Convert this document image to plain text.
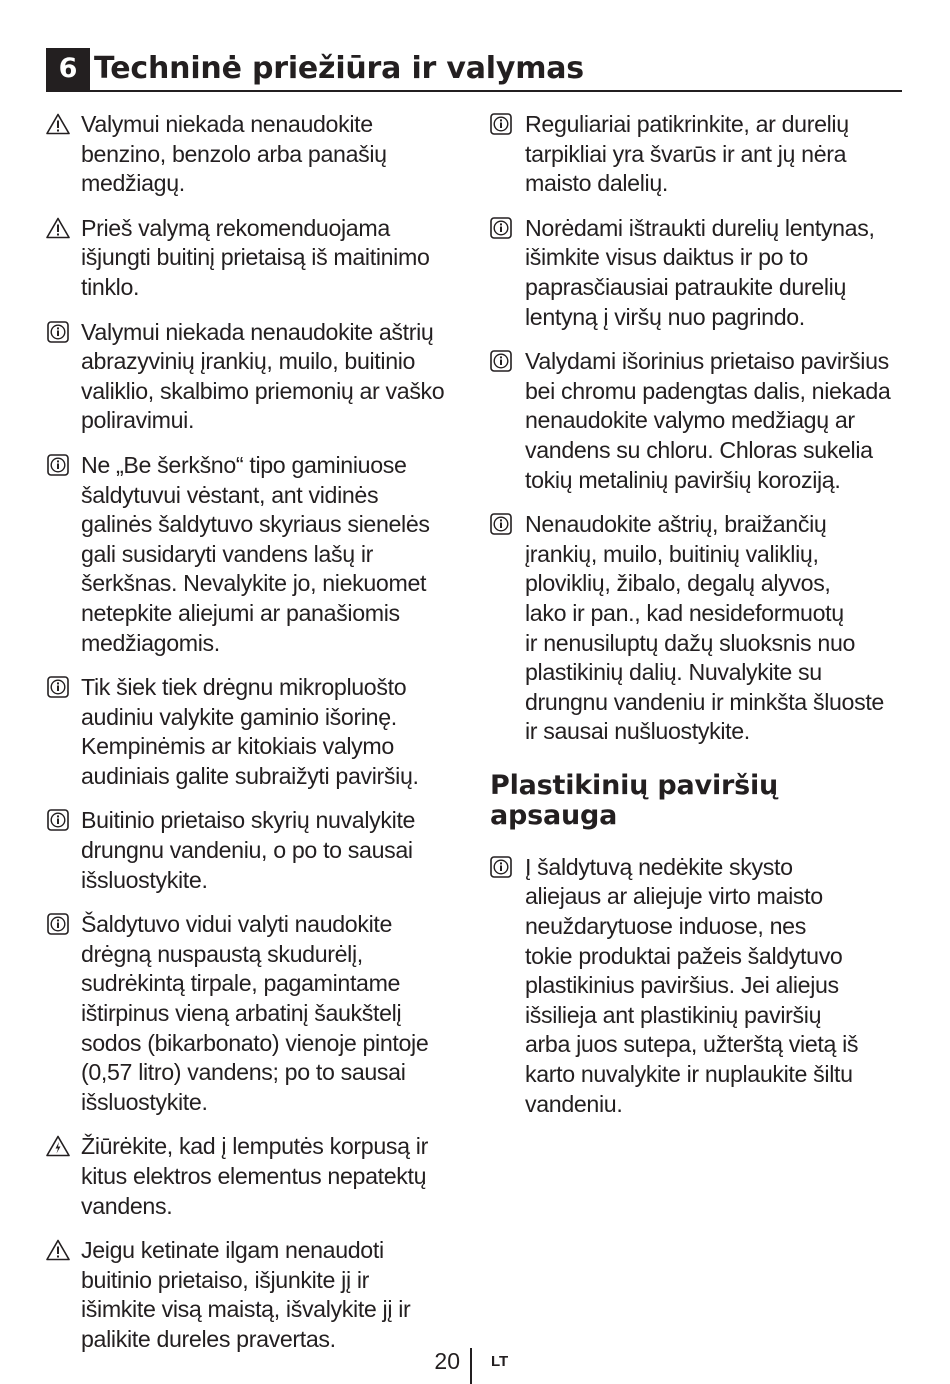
6 Techninė priežiūra ir valymas
Valymui niekada nenaudokite
benzino, benzolo arba panašių
medžiagų.
Prieš valymą rekomenduojama
išjungti buitinį prietaisą iš maitinimo
tinklo.
Valymui niekada nenaudokite aštrių
abrazyvinių įrankių, muilo, buitinio
valiklio, skalbimo priemonių ar vaško
poliravimui.
Ne „Be šerkšno“ tipo gaminiuose
šaldytuvui vėstant, ant vidinės
galinės šaldytuvo skyriaus sienelės
gali susidaryti vandens lašų ir
šerkšnas. Nevalykite jo, niekuomet
netepkite aliejumi ar panašiomis
medžiagomis.
Tik šiek tiek drėgnu mikropluošto
audiniu valykite gaminio išorinę.
Kempinėmis ar kitokiais valymo
audiniais galite subraižyti paviršių.
Buitinio prietaiso skyrių nuvalykite
drungnu vandeniu, o po to sausai
išsluostykite.
Šaldytuvo vidui valyti naudokite
drėgną nuspaustą skudurėlį,
sudrėkintą tirpale, pagamintame
ištirpinus vieną arbatinį šaukštelį
sodos (bikarbonato) vienoje pintoje
(0,57 litro) vandens; po to sausai
išsluostykite.
Žiūrėkite, kad į lemputės korpusą ir
kitus elektros elementus nepatektų
vandens.
Jeigu ketinate ilgam nenaudoti
buitinio prietaiso, išjunkite jį ir
išimkite visą maistą, išvalykite jį ir
palikite dureles pravertas.
Reguliariai patikrinkite, ar durelių
tarpikliai yra švarūs ir ant jų nėra
maisto dalelių.
Norėdami ištraukti durelių lentynas,
išimkite visus daiktus ir po to
paprasčiausiai patraukite durelių
lentyną į viršų nuo pagrindo.
Valydami išorinius prietaiso paviršius
bei chromu padengtas dalis, niekada
nenaudokite valymo medžiagų ar
vandens su chloru. Chloras sukelia
tokių metalinių paviršių koroziją.
Nenaudokite aštrių, braižančių
įrankių, muilo, buitinių valiklių,
ploviklių, žibalo, degalų alyvos,
lako ir pan., kad nesideformuotų
ir nenusiluptų dažų sluoksnis nuo
plastikinių dalių. Nuvalykite su
drungnu vandeniu ir minkšta šluoste
ir sausai nušluostykite.
Plastikinių paviršių
apsauga
Į šaldytuvą nedėkite skysto
aliejaus ar aliejuje virto maisto
neuždarytuose induose, nes
tokie produktai pažeis šaldytuvo
plastikinius paviršius. Jei aliejus
išsilieja ant plastikinių paviršių
arba juos sutepa, užterštą vietą iš
karto nuvalykite ir nuplaukite šiltu
vandeniu.
20 LT
